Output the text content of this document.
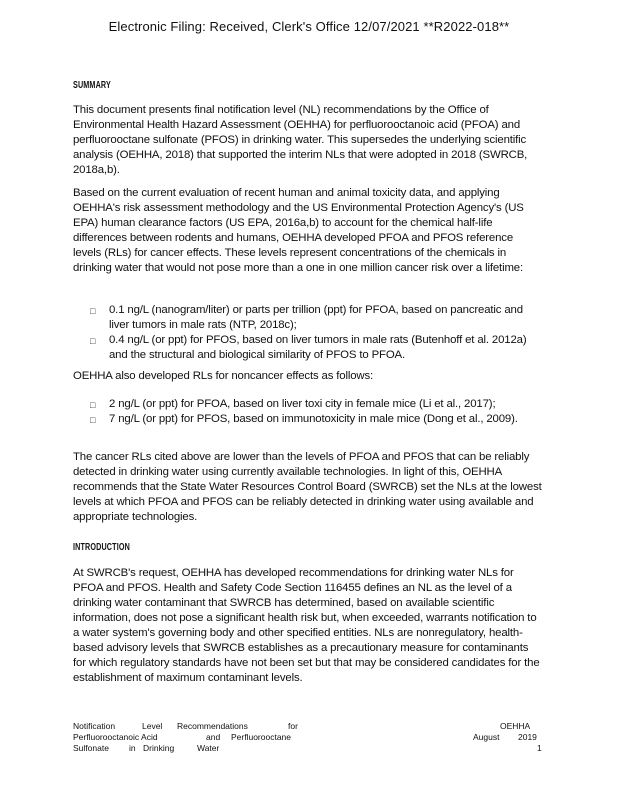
Electronic Filing: Received, Clerk's Office 12/07/2021 **R2022-018**
SUMMARY

This document presents final notification level (NL) recommendations by the Office of Environmental Health Hazard Assessment (OEHHA) for perfluorooctanoic acid (PFOA) and perfluorooctane sulfonate (PFOS) in drinking water. This supersedes the underlying scientific analysis (OEHHA, 2018) that supported the interim NLs that were adopted in 2018 (SWRCB, 2018a,b).

Based on the current evaluation of recent human and animal toxicity data, and applying OEHHA's risk assessment methodology and the US Environmental Protection Agency's (US EPA) human clearance factors (US EPA, 2016a,b) to account for the chemical half-life differences between rodents and humans, OEHHA developed PFOA and PFOS reference levels (RLs) for cancer effects. These levels represent concentrations of the chemicals in drinking water that would not pose more than a one in one million cancer risk over a lifetime:

□ 0.1 ng/L (nanogram/liter) or parts per trillion (ppt) for PFOA, based on pancreatic and liver tumors in male rats (NTP, 2018c);
□ 0.4 ng/L (or ppt) for PFOS, based on liver tumors in male rats (Butenhoff et al. 2012a) and the structural and biological similarity of PFOS to PFOA.

OEHHA also developed RLs for noncancer effects as follows:

□ 2 ng/L (or ppt) for PFOA, based on liver toxi city in female mice (Li et al., 2017);
□ 7 ng/L (or ppt) for PFOS, based on immunotoxicity in male mice (Dong et al., 2009).

The cancer RLs cited above are lower than the levels of PFOA and PFOS that can be reliably detected in drinking water using currently available technologies. In light of this, OEHHA recommends that the State Water Resources Control Board (SWRCB) set the NLs at the lowest levels at which PFOA and PFOS can be reliably detected in drinking water using available and appropriate technologies.

INTRODUCTION

At SWRCB's request, OEHHA has developed recommendations for drinking water NLs for PFOA and PFOS. Health and Safety Code Section 116455 defines an NL as the level of a drinking water contaminant that SWRCB has determined, based on available scientific information, does not pose a significant health risk but, when exceeded, warrants notification to a water system's governing body and other specified entities. NLs are nonregulatory, health-based advisory levels that SWRCB establishes as a precautionary measure for contaminants for which regulatory standards have not been set but that may be considered candidates for the establishment of maximum contaminant levels.

Notification	Level Recommendations	for	OEHHA
Perfluorooctanoic Acid	and Perfluorooctane	August 2019
Sulfonate in Drinking	Water	1
